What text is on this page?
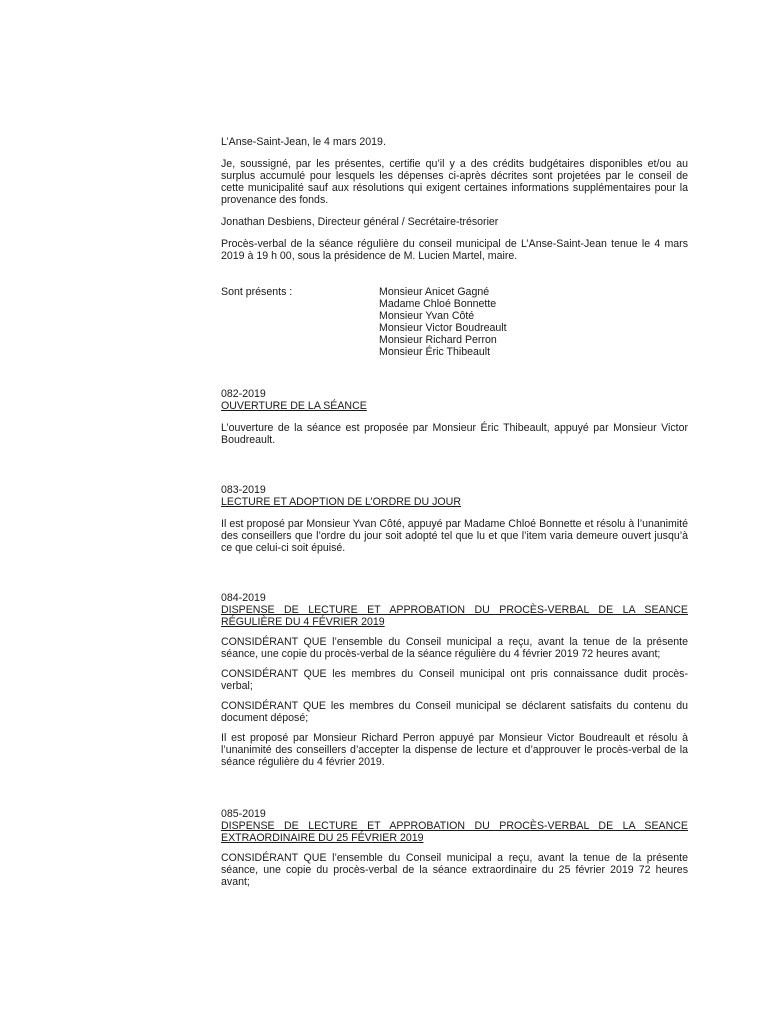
L’Anse-Saint-Jean, le 4 mars 2019.

Je, soussigné, par les présentes, certifie qu’il y a des crédits budgétaires disponibles et/ou au surplus accumulé pour lesquels les dépenses ci-après décrites sont projetées par le conseil de cette municipalité sauf aux résolutions qui exigent certaines informations supplémentaires pour la provenance des fonds.

Jonathan Desbiens, Directeur général / Secrétaire-trésorier

Procès-verbal de la séance régulière du conseil municipal de L’Anse-Saint-Jean tenue le 4 mars 2019 à 19 h 00, sous la présidence de M. Lucien Martel, maire.

Sont présents :	Monsieur Anicet Gagné
Madame Chloé Bonnette
Monsieur Yvan Côté
Monsieur Victor Boudreault
Monsieur Richard Perron
Monsieur Éric Thibeault

082-2019

OUVERTURE DE LA SÉANCE

L’ouverture de la séance est proposée par Monsieur Éric Thibeault, appuyé par Monsieur Victor Boudreault.

083-2019

LECTURE ET ADOPTION DE L’ORDRE DU JOUR

Il est proposé par Monsieur Yvan Côté, appuyé par Madame Chloé Bonnette et résolu à l’unanimité des conseillers que l’ordre du jour soit adopté tel que lu et que l’item varia demeure ouvert jusqu’à ce que celui-ci soit épuisé.

084-2019

DISPENSE DE LECTURE ET APPROBATION DU PROCÈS-VERBAL DE LA SEANCE RÉGULIÈRE DU 4 FÉVRIER 2019

CONSIDÉRANT QUE l’ensemble du Conseil municipal a reçu, avant la tenue de la présente séance, une copie du procès-verbal de la séance régulière du 4 février 2019 72 heures avant;

CONSIDÉRANT QUE les membres du Conseil municipal ont pris connaissance dudit procès-verbal;

CONSIDÉRANT QUE les membres du Conseil municipal se déclarent satisfaits du contenu du document déposé;

Il est proposé par Monsieur Richard Perron appuyé par Monsieur Victor Boudreault et résolu à l’unanimité des conseillers d’accepter la dispense de lecture et d’approuver le procès-verbal de la séance régulière du 4 février 2019.

085-2019

DISPENSE DE LECTURE ET APPROBATION DU PROCÈS-VERBAL DE LA SEANCE EXTRAORDINAIRE DU 25 FÉVRIER 2019

CONSIDÉRANT QUE l’ensemble du Conseil municipal a reçu, avant la tenue de la présente séance, une copie du procès-verbal de la séance extraordinaire du 25 février 2019 72 heures avant;
